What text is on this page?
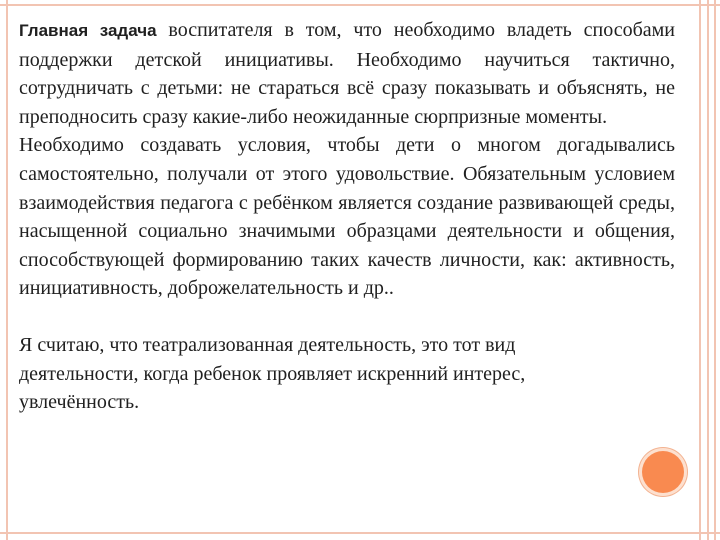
Главная задача воспитателя в том, что необходимо владеть способами поддержки детской инициативы. Необходимо научиться тактично, сотрудничать с детьми: не стараться всё сразу показывать и объяснять, не преподносить сразу какие-либо неожиданные сюрпризные моменты.

Необходимо создавать условия, чтобы дети о многом догадывались самостоятельно, получали от этого удовольствие. Обязательным условием взаимодействия педагога с ребёнком является создание развивающей среды, насыщенной социально значимыми образцами деятельности и общения, способствующей формированию таких качеств личности, как: активность, инициативность, доброжелательность и др..

Я считаю, что театрализованная деятельность, это тот вид
деятельности, когда ребенок проявляет искренний интерес,
увлечённость.
